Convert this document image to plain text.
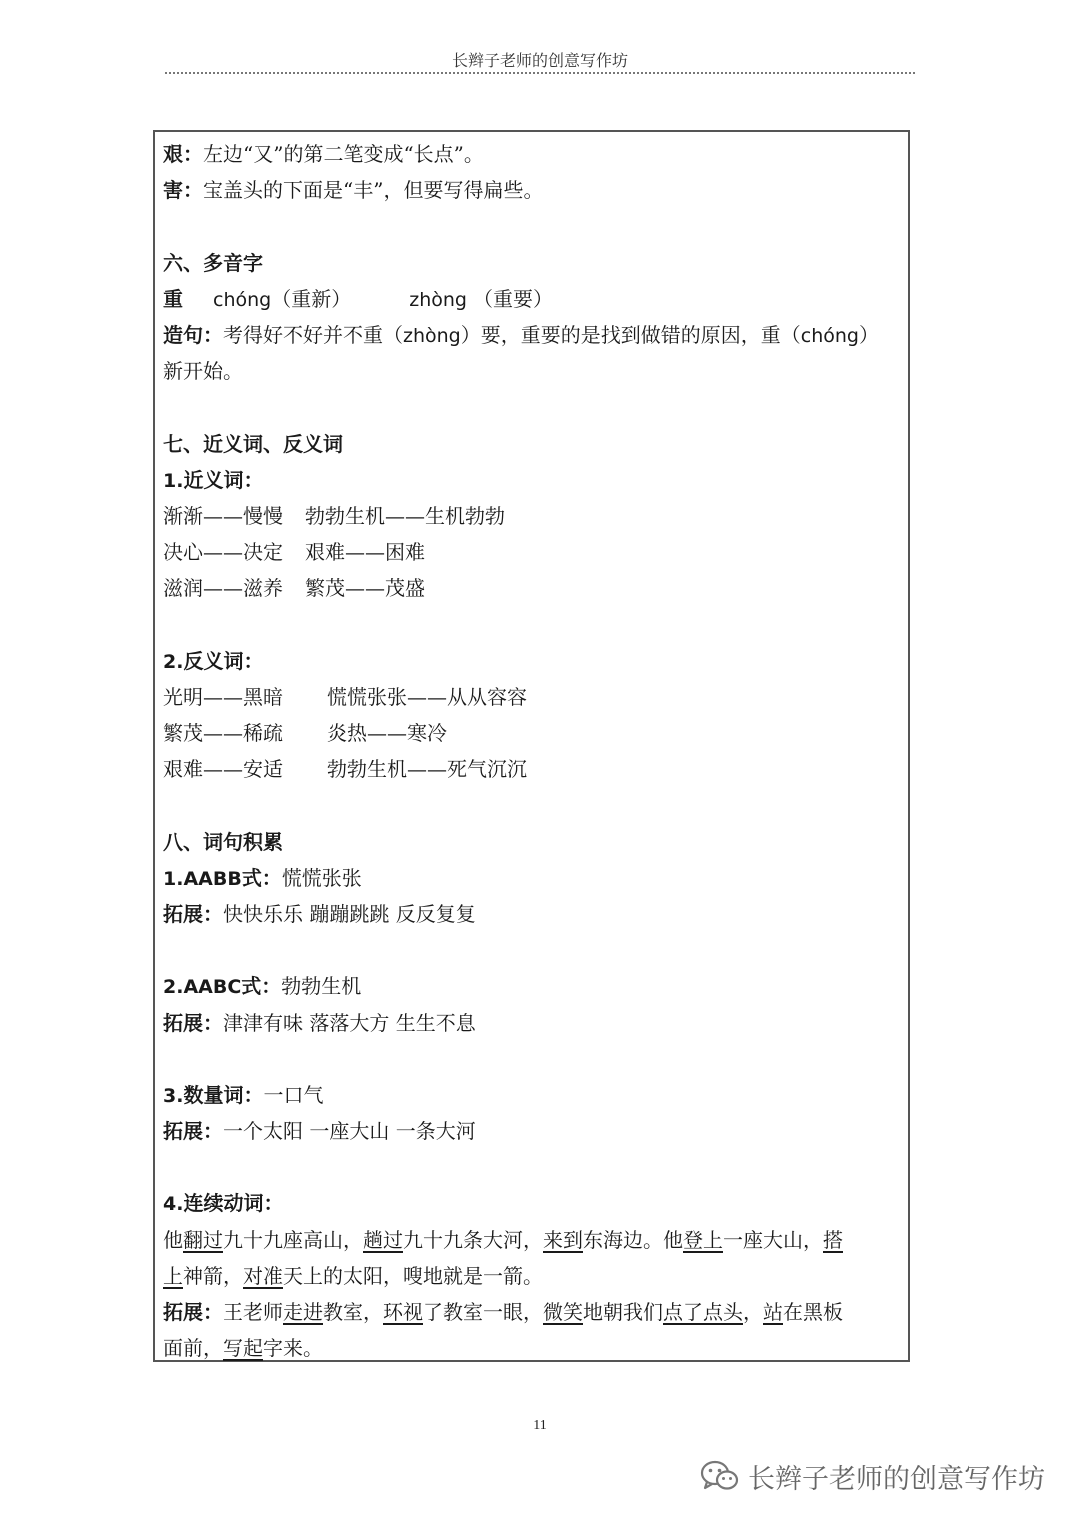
长辫子老师的创意写作坊
艰：左边“又”的第二笔变成“长点”。
害：宝盖头的下面是“丰”，但要写得扁些。
六、多音字
重 chóng（重新）	zhòng （重要）
造句：考得好不好并不重（zhòng）要，重要的是找到做错的原因，重（chóng）
新开始。
七、近义词、反义词
1.近义词：
渐渐——慢慢 勃勃生机——生机勃勃
决心——决定 艰难——困难
滋润——滋养 繁茂——茂盛
2.反义词：
光明——黑暗 慌慌张张——从从容容
繁茂——稀疏 炎热——寒冷
艰难——安适 勃勃生机——死气沉沉
八、词句积累
1.AABB式：慌慌张张
拓展：快快乐乐 蹦蹦跳跳 反反复复
2.AABC式：勃勃生机
拓展：津津有味 落落大方 生生不息
3.数量词：一口气
拓展：一个太阳 一座大山 一条大河
4.连续动词：
他翻过九十九座高山，趟过九十九条大河，来到东海边。他登上一座大山，搭
上神箭，对准天上的太阳，嗖地就是一箭。
拓展：王老师走进教室，环视了教室一眼，微笑地朝我们点了点头，站在黑板
面前，写起字来。
11
长辫子老师的创意写作坊
